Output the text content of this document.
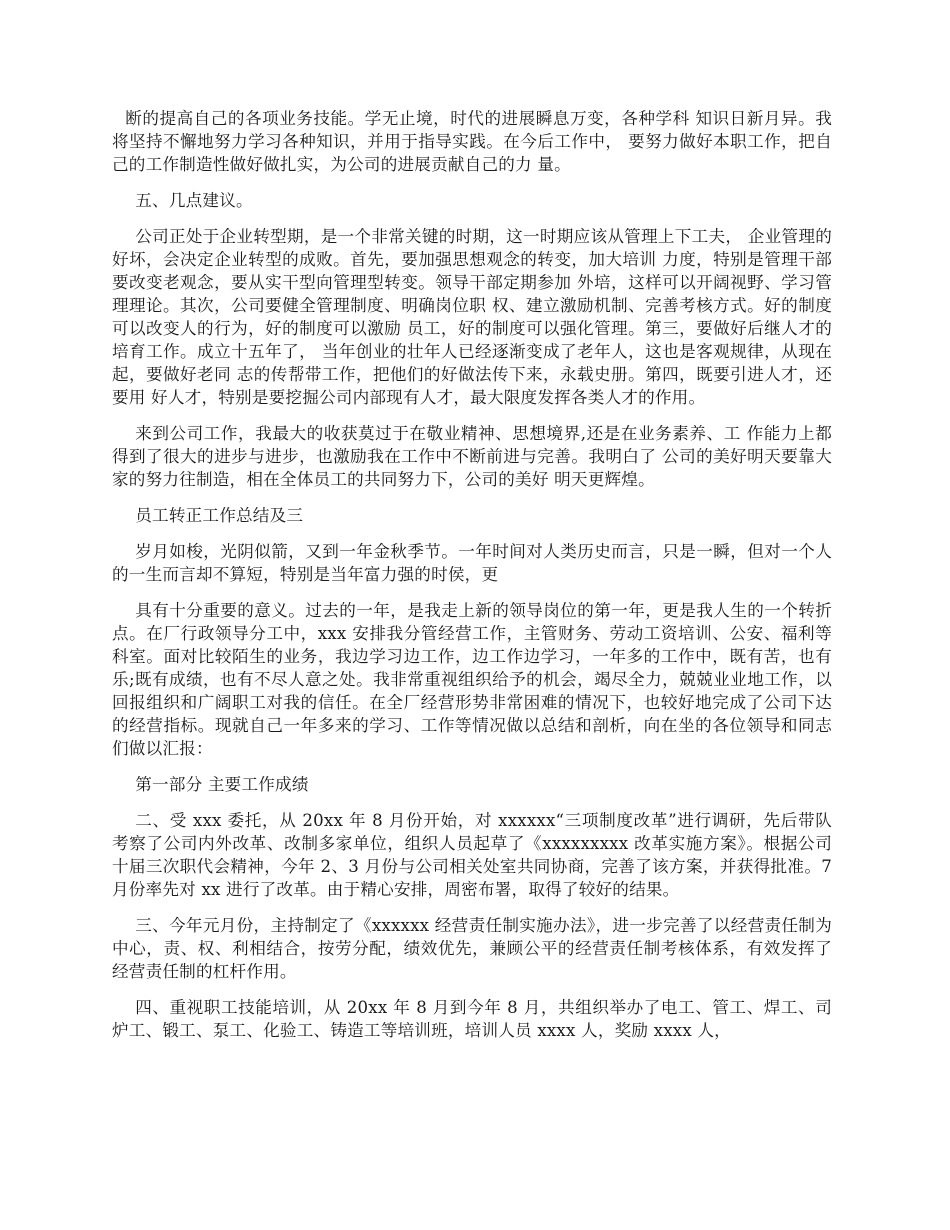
断的提高自己的各项业务技能。学无止境，时代的进展瞬息万变，各种学科 知识日新月异。我将坚持不懈地努力学习各种知识，并用于指导实践。在今后工作中， 要努力做好本职工作，把自己的工作制造性做好做扎实，为公司的进展贡献自己的力 量。

五、几点建议。

公司正处于企业转型期，是一个非常关键的时期，这一时期应该从管理上下工夫， 企业管理的好坏，会决定企业转型的成败。首先，要加强思想观念的转变，加大培训 力度，特别是管理干部要改变老观念，要从实干型向管理型转变。领导干部定期参加 外培，这样可以开阔视野、学习管理理论。其次，公司要健全管理制度、明确岗位职 权、建立激励机制、完善考核方式。好的制度可以改变人的行为，好的制度可以激励 员工，好的制度可以强化管理。第三，要做好后继人才的培育工作。成立十五年了， 当年创业的壮年人已经逐渐变成了老年人，这也是客观规律，从现在起，要做好老同 志的传帮带工作，把他们的好做法传下来，永载史册。第四，既要引进人才，还要用 好人才，特别是要挖掘公司内部现有人才，最大限度发挥各类人才的作用。

来到公司工作，我最大的收获莫过于在敬业精神、思想境界,还是在业务素养、工 作能力上都得到了很大的进步与进步，也激励我在工作中不断前进与完善。我明白了 公司的美好明天要靠大家的努力往制造，相在全体员工的共同努力下，公司的美好 明天更辉煌。

员工转正工作总结及三

岁月如梭，光阴似箭，又到一年金秋季节。一年时间对人类历史而言，只是一瞬，但对一个人的一生而言却不算短，特别是当年富力强的时侯，更

具有十分重要的意义。过去的一年，是我走上新的领导岗位的第一年，更是我人生的一个转折点。在厂行政领导分工中，xxx 安排我分管经营工作，主管财务、劳动工资培训、公安、福利等科室。面对比较陌生的业务，我边学习边工作，边工作边学习，一年多的工作中，既有苦，也有乐;既有成绩，也有不尽人意之处。我非常重视组织给予的机会，竭尽全力，兢兢业业地工作，以回报组织和广阔职工对我的信任。在全厂经营形势非常困难的情况下，也较好地完成了公司下达的经营指标。现就自己一年多来的学习、工作等情况做以总结和剖析，向在坐的各位领导和同志们做以汇报：

第一部分 主要工作成绩

二、受 xxx 委托，从 20xx 年 8 月份开始，对 xxxxxx“三项制度改革”进行调研，先后带队考察了公司内外改革、改制多家单位，组织人员起草了《xxxxxxxxx 改革实施方案》。根据公司十届三次职代会精神，今年 2、3 月份与公司相关处室共同协商，完善了该方案，并获得批准。7 月份率先对 xx 进行了改革。由于精心安排，周密布署，取得了较好的结果。

三、今年元月份，主持制定了《xxxxxx 经营责任制实施办法》，进一步完善了以经营责任制为中心，责、权、利相结合，按劳分配，绩效优先，兼顾公平的经营责任制考核体系，有效发挥了经营责任制的杠杆作用。

四、重视职工技能培训，从 20xx 年 8 月到今年 8 月，共组织举办了电工、管工、焊工、司炉工、锻工、泵工、化验工、铸造工等培训班，培训人员 xxxx 人，奖励 xxxx 人，
